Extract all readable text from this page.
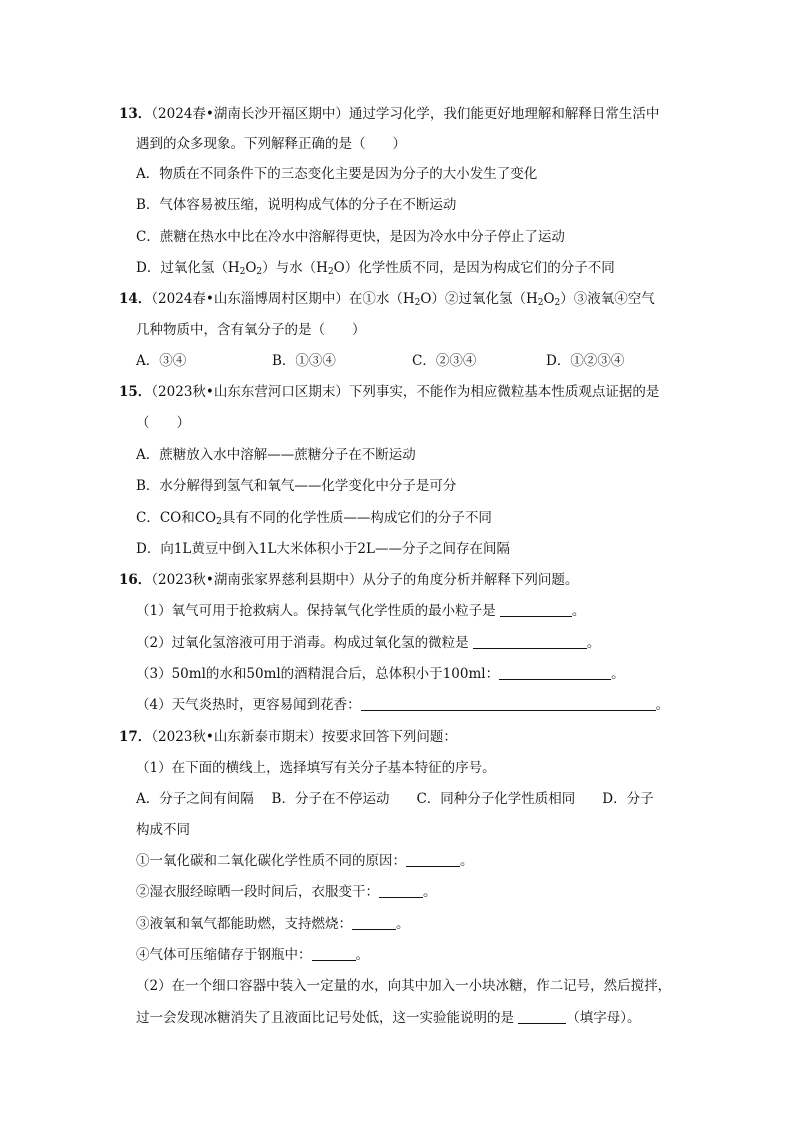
13．（2024春•湖南长沙开福区期中）通过学习化学，我们能更好地理解和解释日常生活中
遇到的众多现象。下列解释正确的是（　　）
A．物质在不同条件下的三态变化主要是因为分子的大小发生了变化
B．气体容易被压缩，说明构成气体的分子在不断运动
C．蔗糖在热水中比在冷水中溶解得更快，是因为冷水中分子停止了运动
D．过氧化氢$(H_2O_2)$与水$(H_2O)$化学性质不同，是因为构成它们的分子不同
14．（2024春•山东淄博周村区期中）在①水$(H_2O)②$过氧化氢$(H_2O_2)③$液氧④空气
几种物质中，含有氧分子的是（　　）
A．③④	B．①③④	C．②③④	D．①②③④
15．（2023秋•山东东营河口区期末）下列事实，不能作为相应微粒基本性质观点证据的是
（　　）
A．蔗糖放入水中溶解——蔗糖分子在不断运动
B．水分解得到氢气和氧气——化学变化中分子是可分
C．CO和$CO_2$具有不同的化学性质——构成它们的分子不同
D．向1L黄豆中倒入1L大米体积小于2L——分子之间存在间隔
16．（2023秋•湖南张家界慈利县期中）从分子的角度分析并解释下列问题。
（1）氧气可用于抢救病人。保持氧气化学性质的最小粒子是	。
（2）过氧化氢溶液可用于消毒。构成过氧化氢的微粒是	。
（3）50ml的水和50ml的酒精混合后，总体积小于100ml：	。
（4）天气炎热时，更容易闻到花香：	。
17．（2023秋•山东新泰市期末）按要求回答下列问题：
（1）在下面的横线上，选择填写有关分子基本特征的序号。
A．分子之间有间隔　 B．分子在不停运动　　C．同种分子化学性质相同　　D．分子
构成不同
①一氧化碳和二氧化碳化学性质不同的原因：	。
②湿衣服经晾晒一段时间后，衣服变干：	。
③液氧和氧气都能助燃，支持燃烧：	。
④气体可压缩储存于钢瓶中：	。
（2）在一个细口容器中装入一定量的水，向其中加入一小块冰糖，作二记号，然后搅拌，
过一会发现冰糖消失了且液面比记号处低，这一实验能说明的是	（填字母）。
